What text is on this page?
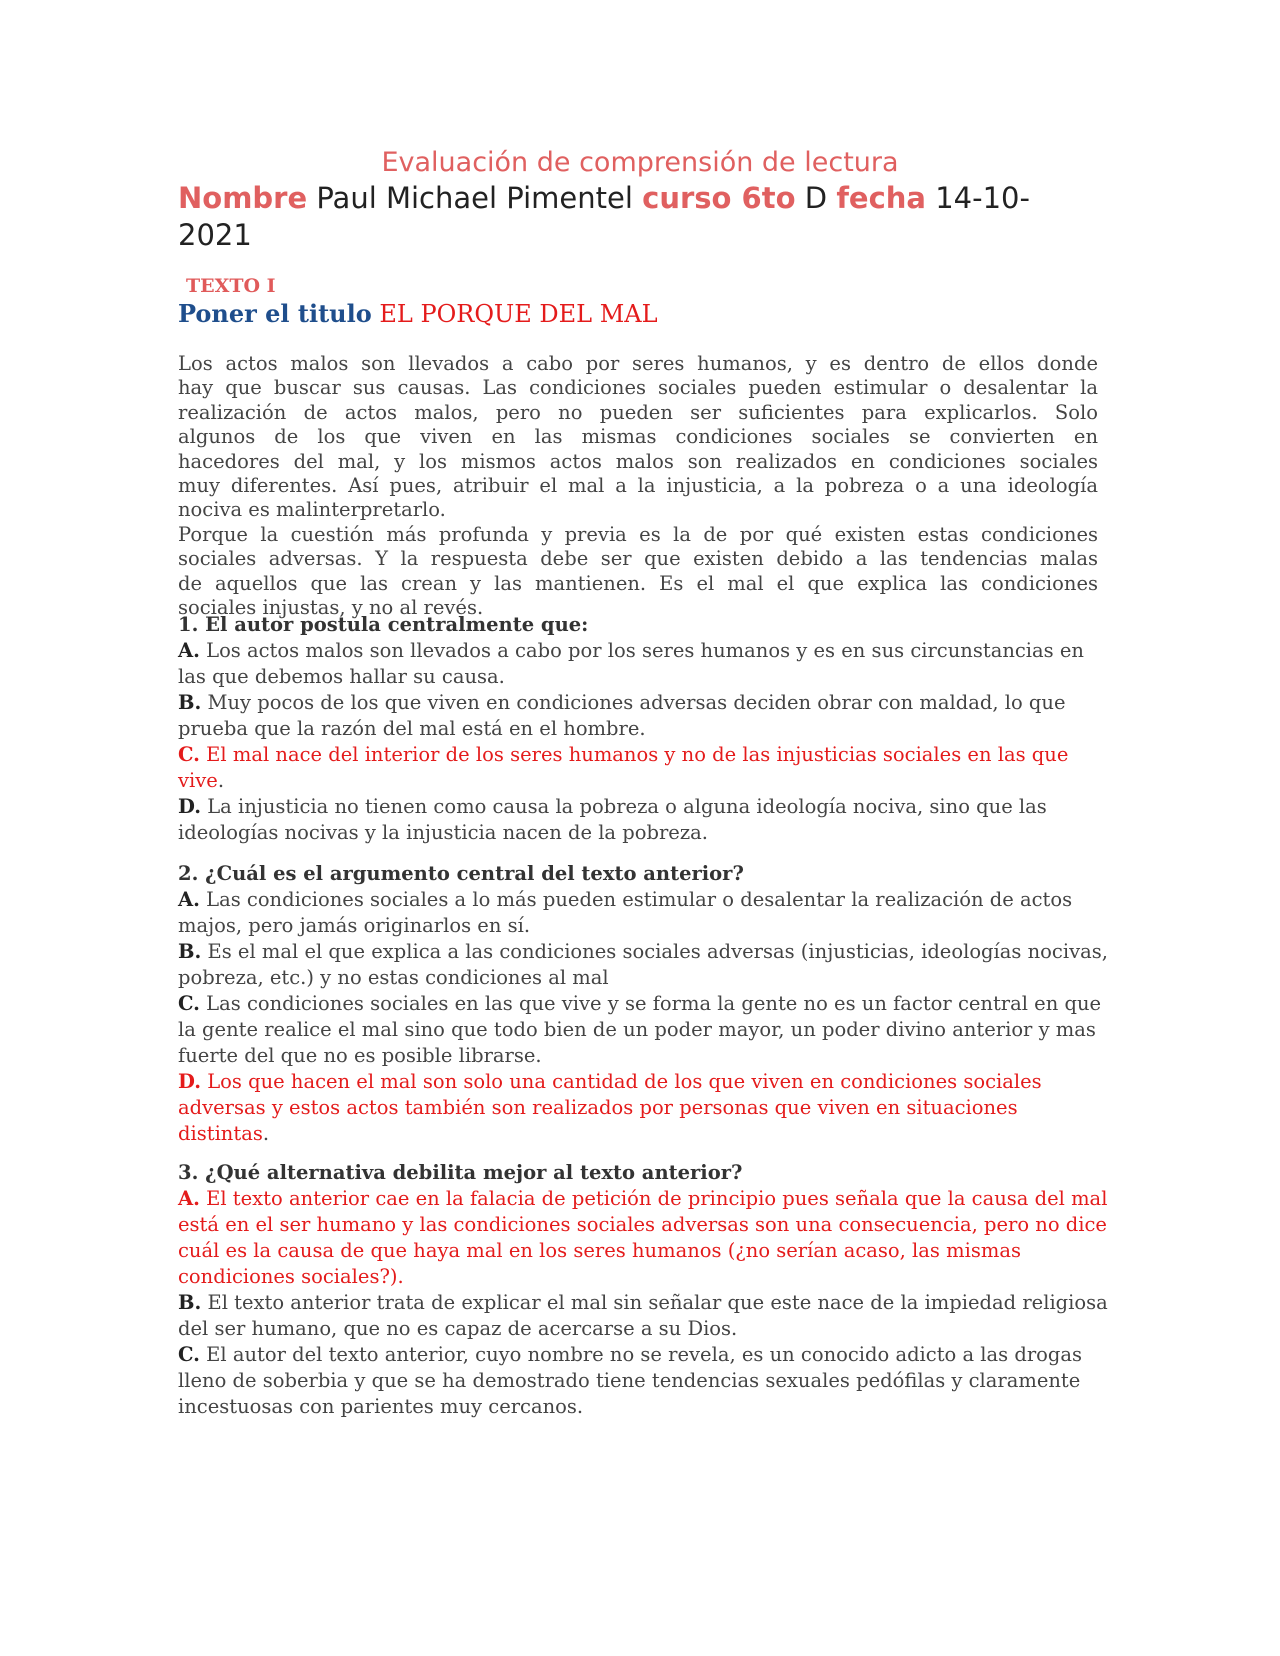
Evaluación de comprensión de lectura
Nombre Paul Michael Pimentel curso 6to D fecha 14-10-2021
TEXTO I
Poner el titulo EL PORQUE DEL MAL
Los actos malos son llevados a cabo por seres humanos, y es dentro de ellos donde
hay que buscar sus causas. Las condiciones sociales pueden estimular o desalentar la
realización de actos malos, pero no pueden ser suficientes para explicarlos. Solo
algunos de los que viven en las mismas condiciones sociales se convierten en
hacedores del mal, y los mismos actos malos son realizados en condiciones sociales
muy diferentes. Así pues, atribuir el mal a la injusticia, a la pobreza o a una ideología
nociva es malinterpretarlo.
Porque la cuestión más profunda y previa es la de por qué existen estas condiciones
sociales adversas. Y la respuesta debe ser que existen debido a las tendencias malas
de aquellos que las crean y las mantienen. Es el mal el que explica las condiciones
sociales injustas, y no al revés.
1. El autor postula centralmente que:
A. Los actos malos son llevados a cabo por los seres humanos y es en sus circunstancias en las que debemos hallar su causa.
B. Muy pocos de los que viven en condiciones adversas deciden obrar con maldad, lo que prueba que la razón del mal está en el hombre.
C. El mal nace del interior de los seres humanos y no de las injusticias sociales en las que vive.
D. La injusticia no tienen como causa la pobreza o alguna ideología nociva, sino que las ideologías nocivas y la injusticia nacen de la pobreza.
2. ¿Cuál es el argumento central del texto anterior?
A. Las condiciones sociales a lo más pueden estimular o desalentar la realización de actos majos, pero jamás originarlos en sí.
B. Es el mal el que explica a las condiciones sociales adversas (injusticias, ideologías nocivas, pobreza, etc.) y no estas condiciones al mal
C. Las condiciones sociales en las que vive y se forma la gente no es un factor central en que la gente realice el mal sino que todo bien de un poder mayor, un poder divino anterior y mas fuerte del que no es posible librarse.
D. Los que hacen el mal son solo una cantidad de los que viven en condiciones sociales adversas y estos actos también son realizados por personas que viven en situaciones distintas.
3. ¿Qué alternativa debilita mejor al texto anterior?
A. El texto anterior cae en la falacia de petición de principio pues señala que la causa del mal está en el ser humano y las condiciones sociales adversas son una consecuencia, pero no dice cuál es la causa de que haya mal en los seres humanos (¿no serían acaso, las mismas condiciones sociales?).
B. El texto anterior trata de explicar el mal sin señalar que este nace de la impiedad religiosa del ser humano, que no es capaz de acercarse a su Dios.
C. El autor del texto anterior, cuyo nombre no se revela, es un conocido adicto a las drogas lleno de soberbia y que se ha demostrado tiene tendencias sexuales pedófilas y claramente incestuosas con parientes muy cercanos.
